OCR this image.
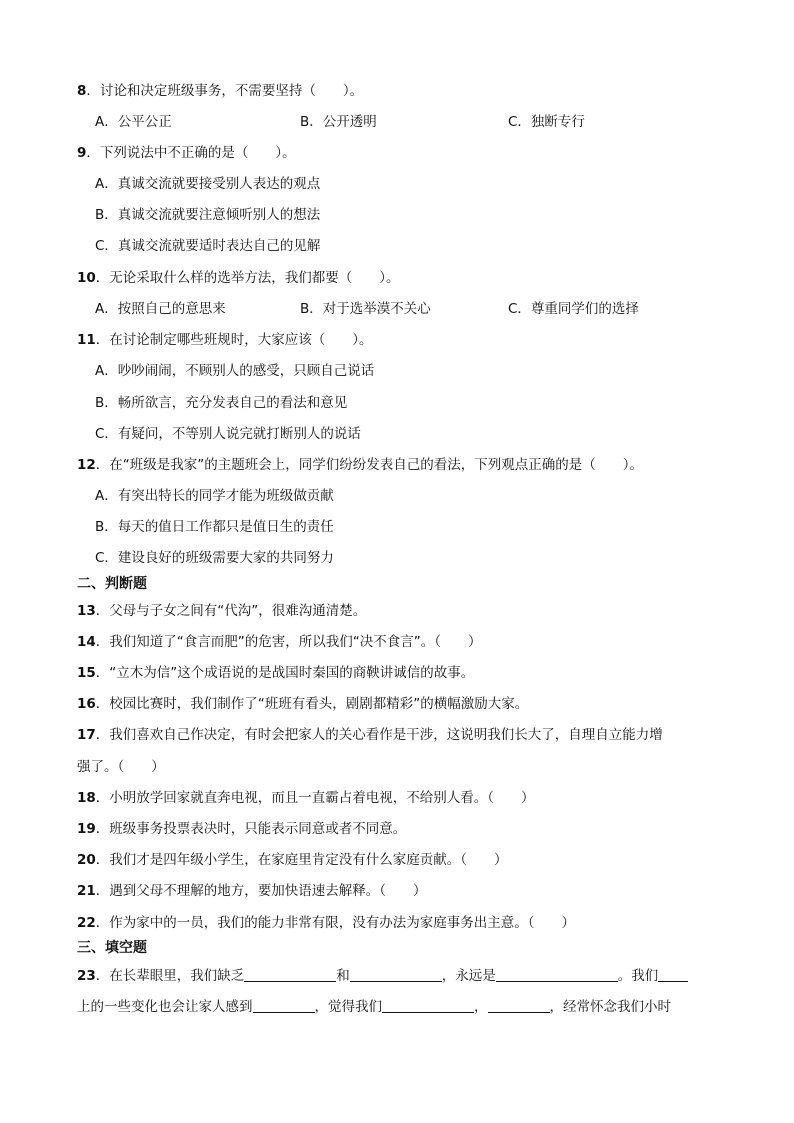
8．讨论和决定班级事务，不需要坚持（　　）。
A．公平公正	B．公开透明	C．独断专行
9．下列说法中不正确的是（　　）。
A．真诚交流就要接受别人表达的观点
B．真诚交流就要注意倾听别人的想法
C．真诚交流就要适时表达自己的见解
10．无论采取什么样的选举方法，我们都要（　　）。
A．按照自己的意思来	B．对于选举漠不关心	C．尊重同学们的选择
11．在讨论制定哪些班规时，大家应该（　　）。
A．吵吵闹闹，不顾别人的感受，只顾自己说话
B．畅所欲言，充分发表自己的看法和意见
C．有疑问，不等别人说完就打断别人的说话
12．在“班级是我家”的主题班会上，同学们纷纷发表自己的看法，下列观点正确的是（　　）。
A．有突出特长的同学才能为班级做贡献
B．每天的值日工作都只是值日生的责任
C．建设良好的班级需要大家的共同努力
二、判断题
13．父母与子女之间有“代沟”，很难沟通清楚。
14．我们知道了“食言而肥”的危害，所以我们“决不食言”。（　　）
15．“立木为信”这个成语说的是战国时秦国的商鞅讲诚信的故事。
16．校园比赛时，我们制作了“班班有看头，剧剧都精彩”的横幅激励大家。
17．我们喜欢自己作决定，有时会把家人的关心看作是干涉，这说明我们长大了，自理自立能力增
强了。（　　）
18．小明放学回家就直奔电视，而且一直霸占着电视，不给别人看。（　　）
19．班级事务投票表决时，只能表示同意或者不同意。
20．我们才是四年级小学生，在家庭里肯定没有什么家庭贡献。（　　）
21．遇到父母不理解的地方，要加快语速去解释。（　　）
22．作为家中的一员，我们的能力非常有限，没有办法为家庭事务出主意。（　　）
三、填空题
23．在长辈眼里，我们缺乏	和	，永远是	。我们
上的一些变化也会让家人感到	，觉得我们	，	，经常怀念我们小时
